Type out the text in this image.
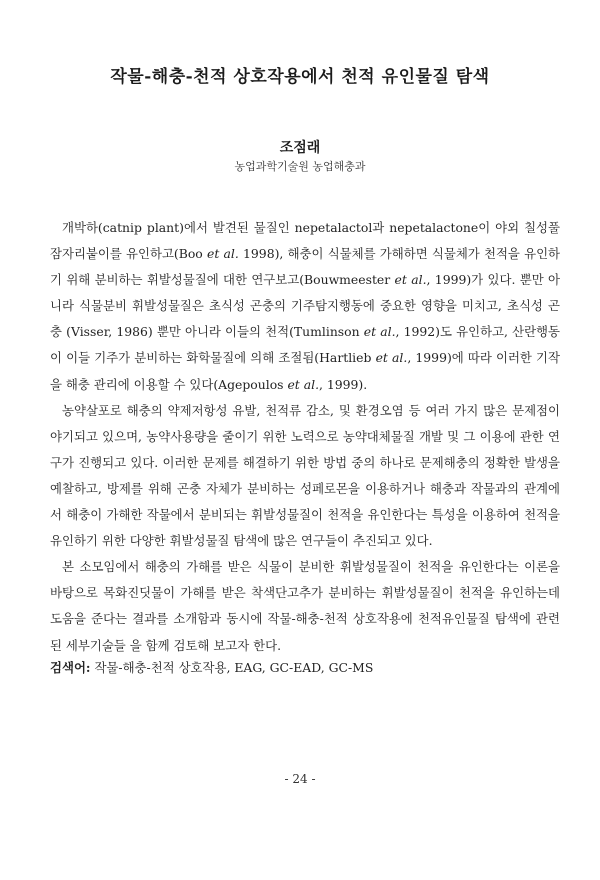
작물-해충-천적 상호작용에서 천적 유인물질 탐색
조점래
농업과학기술원 농업해충과

개박하(catnip plant)에서 발견된 물질인 nepetalactol과 nepetalactone이 야외 칠성풀잠자리붙이를 유인하고(Boo et al. 1998), 해충이 식물체를 가해하면 식물체가 천적을 유인하기 위해 분비하는 휘발성물질에 대한 연구보고(Bouwmeester et al., 1999)가 있다. 뿐만 아니라 식물분비 휘발성물질은 초식성 곤충의 기주탐지행동에 중요한 영향을 미치고, 초식성 곤충 (Visser, 1986) 뿐만 아니라 이들의 천적(Tumlinson et al., 1992)도 유인하고, 산란행동이 이들 기주가 분비하는 화학물질에 의해 조절됨(Hartlieb et al., 1999)에 따라 이러한 기작을 해충 관리에 이용할 수 있다(Agepoulos et al., 1999).

농약살포로 해충의 약제저항성 유발, 천적류 감소, 및 환경오염 등 여러 가지 많은 문제점이 야기되고 있으며, 농약사용량을 줄이기 위한 노력으로 농약대체물질 개발 및 그 이용에 관한 연구가 진행되고 있다. 이러한 문제를 해결하기 위한 방법 중의 하나로 문제해충의 정확한 발생을 예찰하고, 방제를 위해 곤충 자체가 분비하는 성페로몬을 이용하거나 해충과 작물과의 관계에서 해충이 가해한 작물에서 분비되는 휘발성물질이 천적을 유인한다는 특성을 이용하여 천적을 유인하기 위한 다양한 휘발성물질 탐색에 많은 연구들이 추진되고 있다.

본 소모임에서 해충의 가해를 받은 식물이 분비한 휘발성물질이 천적을 유인한다는 이론을 바탕으로 목화진딧물이 가해를 받은 착색단고추가 분비하는 휘발성물질이 천적을 유인하는데 도움을 준다는 결과를 소개함과 동시에 작물-해충-천적 상호작용에 천적유인물질 탐색에 관련된 세부기술들 을 함께 검토해 보고자 한다.

검색어: 작물-해충-천적 상호작용, EAG, GC-EAD, GC-MS
- 24 -
